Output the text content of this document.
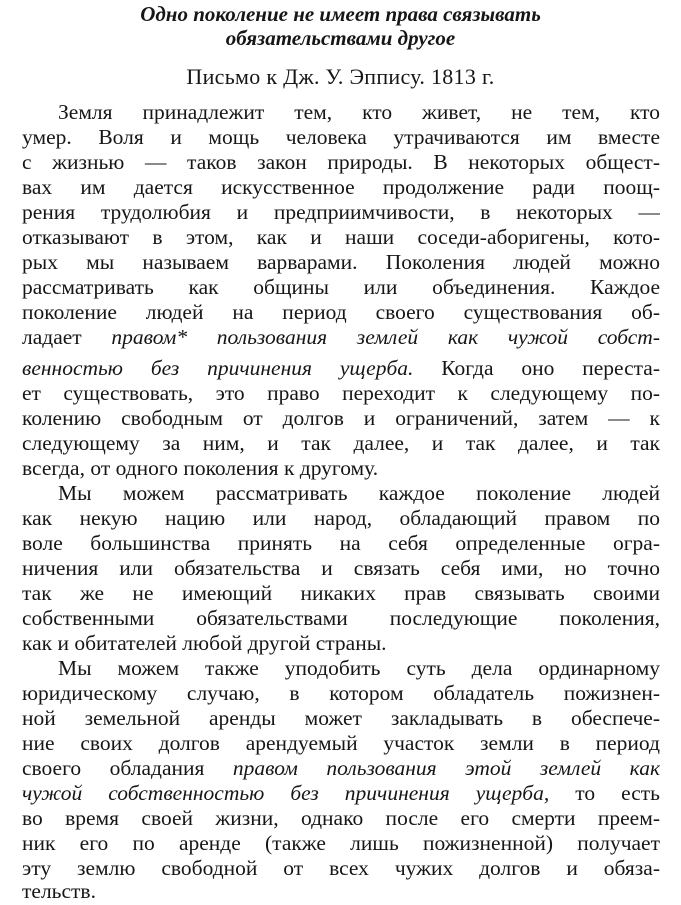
Одно поколение не имеет права связывать
обязательствами другое
Письмо к Дж. У. Эппису. 1813 г.
Земля принадлежит тем, кто живет, не тем, кто
умер. Воля и мощь человека утрачиваются им вместе
с жизнью — таков закон природы. В некоторых общест-
вах им дается искусственное продолжение ради поощ-
рения трудолюбия и предприимчивости, в некоторых —
отказывают в этом, как и наши соседи-аборигены, кото-
рых мы называем варварами. Поколения людей можно
рассматривать как общины или объединения. Каждое
поколение людей на период своего существования об-
ладает правом* пользования землей как чужой собст-
венностью без причинения ущерба. Когда оно переста-
ет существовать, это право переходит к следующему по-
колению свободным от долгов и ограничений, затем — к
следующему за ним, и так далее, и так далее, и так
всегда, от одного поколения к другому.
Мы можем рассматривать каждое поколение людей
как некую нацию или народ, обладающий правом по
воле большинства принять на себя определенные огра-
ничения или обязательства и связать себя ими, но точно
так же не имеющий никаких прав связывать своими
собственными обязательствами последующие поколения,
как и обитателей любой другой страны.
Мы можем также уподобить суть дела ординарному
юридическому случаю, в котором обладатель пожизнен-
ной земельной аренды может закладывать в обеспече-
ние своих долгов арендуемый участок земли в период
своего обладания правом пользования этой землей как
чужой собственностью без причинения ущерба, то есть
во время своей жизни, однако после его смерти преем-
ник его по аренде (также лишь пожизненной) получает
эту землю свободной от всех чужих долгов и обяза-
тельств.
